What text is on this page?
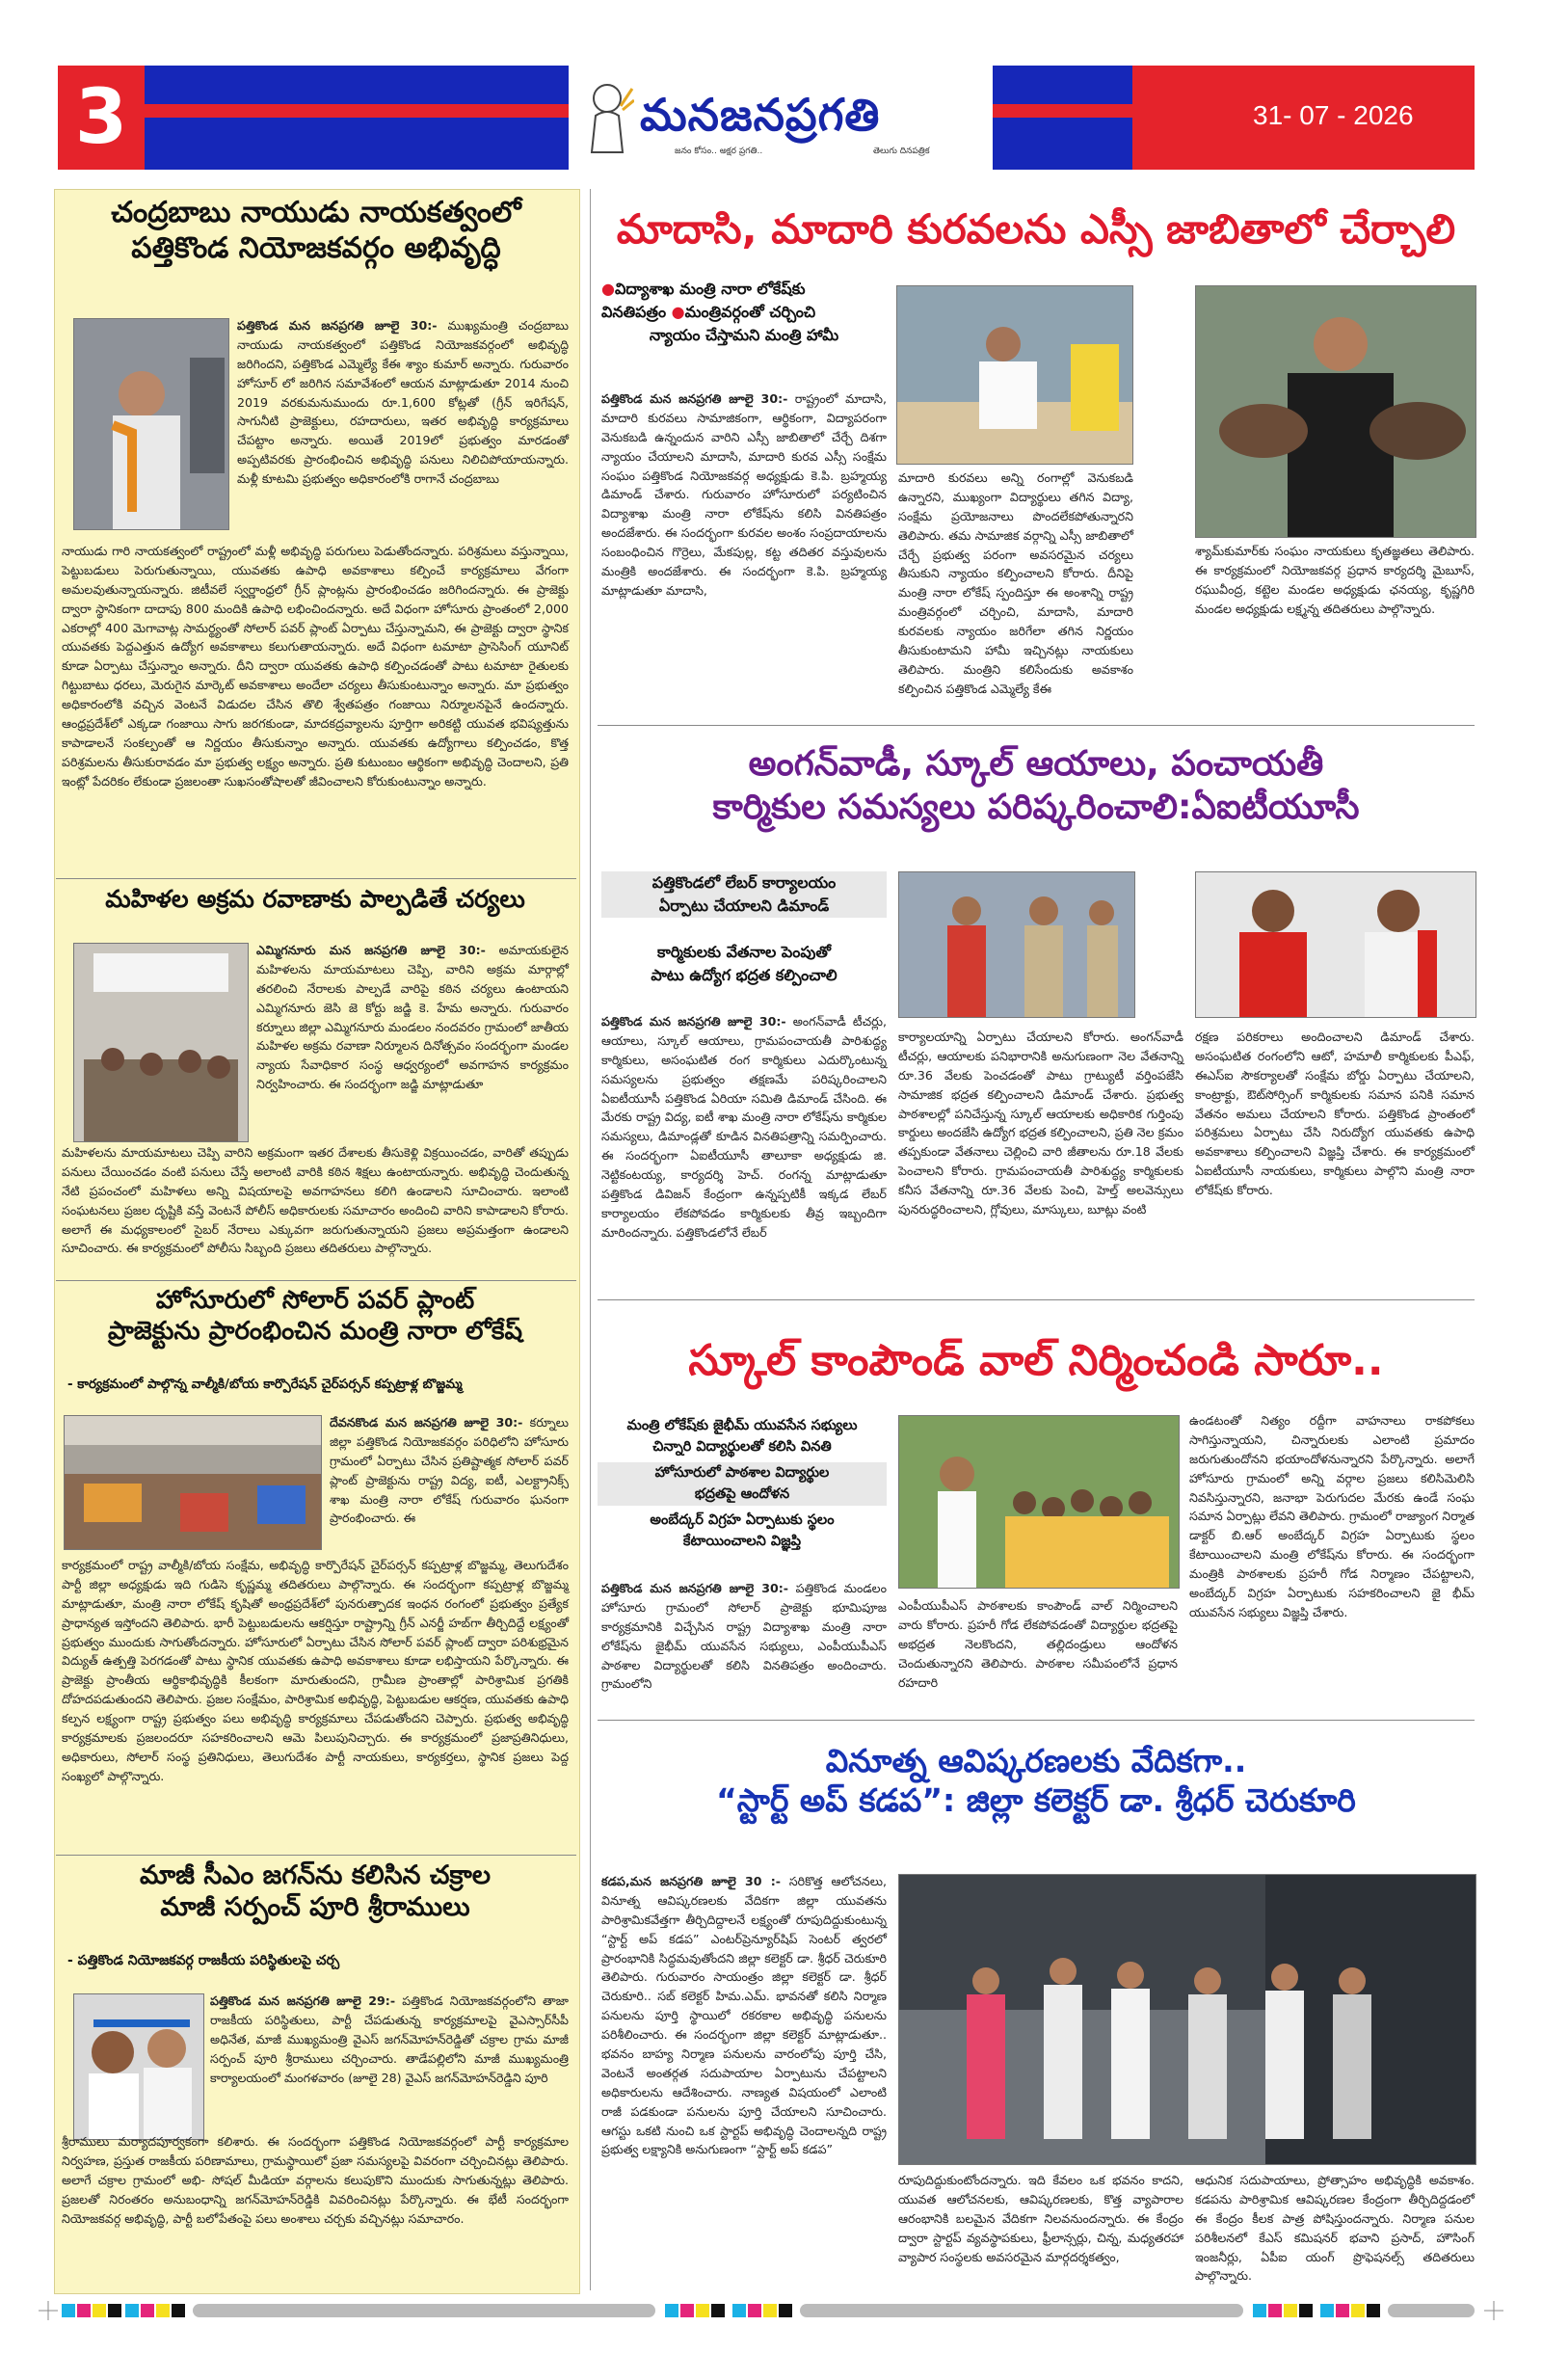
3	మనజనప్రగతి
జనం కోసం.. అక్షర ప్రగతి..	తెలుగు దినపత్రిక
31- 07 - 2026
చంద్రబాబు నాయుడు నాయకత్వంలో
పత్తికొండ నియోజకవర్గం అభివృద్ధి
పత్తికొండ మన జనప్రగతి జూలై 30:- ముఖ్యమంత్రి చంద్రబాబు నాయుడు నాయకత్వంలో పత్తికొండ నియోజకవర్గంలో అభివృద్ధి జరిగిందని, పత్తికొండ ఎమ్మెల్యే కేఈ శ్యాం కుమార్ అన్నారు. గురువారం హోసూర్ లో జరిగిన సమావేశంలో ఆయన మాట్లాడుతూ 2014 నుంచి 2019 వరకుమనుముందు రూ.1,600 కోట్లతో (గ్రీన్ ఇరిగేషన్, సాగునీటి ప్రాజెక్టులు, రహదారులు, ఇతర అభివృద్ధి కార్యక్రమాలు చేపట్టాం అన్నారు. అయితే 2019లో ప్రభుత్వం మారడంతో అప్పటివరకు ప్రారంభించిన అభివృద్ధి పనులు నిలిచిపోయాయన్నారు. మళ్లీ కూటమి ప్రభుత్వం అధికారంలోకి రాగానే చంద్రబాబు
నాయుడు గారి నాయకత్వంలో రాష్ట్రంలో మళ్లీ అభివృద్ధి పరుగులు పెడుతోందన్నారు. పరిశ్రమలు వస్తున్నాయి, పెట్టుబడులు పెరుగుతున్నాయి, యువతకు ఉపాధి అవకాశాలు కల్పించే కార్యక్రమాలు వేగంగా అమలవుతున్నాయన్నారు. జిటీవలే స్వర్ణాంధ్రలో గ్రీన్ ప్లాంట్లను ప్రారంభించడం జరిగిందన్నారు. ఈ ప్రాజెక్టు ద్వారా స్థానికంగా దాదాపు 800 మందికి ఉపాధి లభించిందన్నారు. అదే విధంగా హోసూరు ప్రాంతంలో 2,000 ఎకరాల్లో 400 మెగావాట్ల సామర్థ్యంతో సోలార్ పవర్ ప్లాంట్ ఏర్పాటు చేస్తున్నామని, ఈ ప్రాజెక్టు ద్వారా స్థానిక యువతకు పెద్దఎత్తున ఉద్యోగ అవకాశాలు కలుగుతాయన్నారు. అదే విధంగా టమాటా ప్రాసెసింగ్ యూనిట్ కూడా ఏర్పాటు చేస్తున్నాం అన్నారు. దీని ద్వారా యువతకు ఉపాధి కల్పించడంతో పాటు టమాటా రైతులకు గిట్టుబాటు ధరలు, మెరుగైన మార్కెట్ అవకాశాలు అందేలా చర్యలు తీసుకుంటున్నాం అన్నారు. మా ప్రభుత్వం అధికారంలోకి వచ్చిన వెంటనే విడుదల చేసిన తొలి శ్వేతపత్రం గంజాయి నిర్మూలనపైనే ఉందన్నారు. ఆంధ్రప్రదేశ్‌లో ఎక్కడా గంజాయి సాగు జరగకుండా, మాదకద్రవ్యాలను పూర్తిగా అరికట్టి యువత భవిష్యత్తును కాపాడాలనే సంకల్పంతో ఆ నిర్ణయం తీసుకున్నాం అన్నారు. యువతకు ఉద్యోగాలు కల్పించడం, కొత్త పరిశ్రమలను తీసుకురావడం మా ప్రభుత్వ లక్ష్యం అన్నారు. ప్రతి కుటుంబం ఆర్థికంగా అభివృద్ధి చెందాలని, ప్రతి ఇంట్లో పేదరికం లేకుండా ప్రజలంతా సుఖసంతోషాలతో జీవించాలని కోరుకుంటున్నాం అన్నారు.
మహిళల అక్రమ రవాణాకు పాల్పడితే చర్యలు
ఎమ్మిగనూరు మన జనప్రగతి జూలై 30:- అమాయకులైన మహిళలను మాయమాటలు చెప్పి, వారిని అక్రమ మార్గాల్లో తరలించి నేరాలకు పాల్పడే వారిపై కఠిన చర్యలు ఉంటాయని ఎమ్మిగనూరు జెసి జె కోర్టు జడ్జి కె. హేమ అన్నారు. గురువారం కర్నూలు జిల్లా ఎమ్మిగనూరు మండలం నందవరం గ్రామంలో జాతీయ మహిళల అక్రమ రవాణా నిర్మూలన దినోత్సవం సందర్భంగా మండల న్యాయ సేవాధికార సంస్థ ఆధ్వర్యంలో అవగాహన కార్యక్రమం నిర్వహించారు. ఈ సందర్భంగా జడ్జి మాట్లాడుతూ
మహిళలను మాయమాటలు చెప్పి వారిని అక్రమంగా ఇతర దేశాలకు తీసుకెళ్లి విక్రయించడం, వారితో తప్పుడు పనులు చేయించడం వంటి పనులు చేస్తే అలాంటి వారికి కఠిన శిక్షలు ఉంటాయన్నారు. అభివృద్ధి చెందుతున్న నేటి ప్రపంచంలో మహిళలు అన్ని విషయాలపై అవగాహనలు కలిగి ఉండాలని సూచించారు. ఇలాంటి సంఘటనలు ప్రజల దృష్టికి వస్తే వెంటనే పోలీస్ అధికారులకు సమాచారం అందించి వారిని కాపాడాలని కోరారు. అలాగే ఈ మధ్యకాలంలో సైబర్ నేరాలు ఎక్కువగా జరుగుతున్నాయని ప్రజలు అప్రమత్తంగా ఉండాలని సూచించారు. ఈ కార్యక్రమంలో పోలీసు సిబ్బంది ప్రజలు తదితరులు పాల్గొన్నారు.
హోసూరులో సోలార్ పవర్ ప్లాంట్
ప్రాజెక్టును ప్రారంభించిన మంత్రి నారా లోకేష్
- కార్యక్రమంలో పాల్గొన్న వాల్మీకి/బోయ కార్పొరేషన్ చైర్‌పర్సన్ కప్పట్రాళ్ల బొజ్జమ్మ
దేవనకొండ మన జనప్రగతి జూలై 30:- కర్నూలు జిల్లా పత్తికొండ నియోజకవర్గం పరిధిలోని హోసూరు గ్రామంలో ఏర్పాటు చేసిన ప్రతిష్టాత్మక సోలార్ పవర్ ప్లాంట్ ప్రాజెక్టును రాష్ట్ర విద్య, ఐటీ, ఎలక్ట్రానిక్స్ శాఖ మంత్రి నారా లోకేష్ గురువారం ఘనంగా ప్రారంభించారు. ఈ
కార్యక్రమంలో రాష్ట్ర వాల్మీకి/బోయ సంక్షేమ, అభివృద్ధి కార్పొరేషన్ చైర్‌పర్సన్ కప్పట్రాళ్ల బొజ్జమ్మ, తెలుగుదేశం పార్టీ జిల్లా అధ్యక్షుడు ఇది గుడిసె కృష్ణమ్మ తదితరులు పాల్గొన్నారు. ఈ సందర్భంగా కప్పట్రాళ్ల బొజ్జమ్మ మాట్లాడుతూ, మంత్రి నారా లోకేష్ కృషితో అంధ్రప్రదేశ్‌లో పునరుత్పాదక ఇంధన రంగంలో ప్రభుత్వం ప్రత్యేక ప్రాధాన్యత ఇస్తోందని తెలిపారు. భారీ పెట్టుబడులను ఆకర్షిస్తూ రాష్ట్రాన్ని గ్రీన్ ఎనర్జీ హబ్‌గా తీర్చిదిద్దే లక్ష్యంతో ప్రభుత్వం ముందుకు సాగుతోందన్నారు. హోసూరులో ఏర్పాటు చేసిన సోలార్ పవర్ ప్లాంట్ ద్వారా పరిశుభ్రమైన విద్యుత్ ఉత్పత్తి పెరగడంతో పాటు స్థానిక యువతకు ఉపాధి అవకాశాలు కూడా లభిస్తాయని పేర్కొన్నారు. ఈ ప్రాజెక్టు ప్రాంతీయ ఆర్థికాభివృద్ధికి కీలకంగా మారుతుందని, గ్రామీణ ప్రాంతాల్లో పారిశ్రామిక ప్రగతికి దోహదపడుతుందని తెలిపారు. ప్రజల సంక్షేమం, పారిశ్రామిక అభివృద్ధి, పెట్టుబడుల ఆకర్షణ, యువతకు ఉపాధి కల్పన లక్ష్యంగా రాష్ట్ర ప్రభుత్వం పలు అభివృద్ధి కార్యక్రమాలు చేపడుతోందని చెప్పారు. ప్రభుత్వ అభివృద్ధి కార్యక్రమాలకు ప్రజలందరూ సహకరించాలని ఆమె పిలుపునిచ్చారు. ఈ కార్యక్రమంలో ప్రజాప్రతినిధులు, అధికారులు, సోలార్ సంస్థ ప్రతినిధులు, తెలుగుదేశం పార్టీ నాయకులు, కార్యకర్తలు, స్థానిక ప్రజలు పెద్ద సంఖ్యలో పాల్గొన్నారు.
మాజీ సీఎం జగన్‌ను కలిసిన చక్రాల
మాజీ సర్పంచ్ పూరి శ్రీరాములు
- పత్తికొండ నియోజకవర్గ రాజకీయ పరిస్థితులపై చర్చ
పత్తికొండ మన జనప్రగతి జూలై 29:- పత్తికొండ నియోజకవర్గంలోని తాజా రాజకీయ పరిస్థితులు, పార్టీ చేపడుతున్న కార్యక్రమాలపై వైఎస్సార్‌సీపీ అధినేత, మాజీ ముఖ్యమంత్రి వైఎస్ జగన్‌మోహన్‌రెడ్డితో చక్రాల గ్రామ మాజీ సర్పంచ్ పూరి శ్రీరాములు చర్చించారు. తాడేపల్లిలోని మాజీ ముఖ్యమంత్రి కార్యాలయంలో మంగళవారం (జూలై 28) వైఎస్ జగన్‌మోహన్‌రెడ్డిని పూరి
శ్రీరాములు మర్యాదపూర్వకంగా కలిశారు. ఈ సందర్భంగా పత్తికొండ నియోజకవర్గంలో పార్టీ కార్యక్రమాల నిర్వహణ, ప్రస్తుత రాజకీయ పరిణామాలు, గ్రామస్థాయిలో ప్రజా సమస్యలపై వివరంగా చర్చించినట్లు తెలిపారు. అలాగే చక్రాల గ్రామంలో అభి- సోషల్ మీడియా వర్గాలను కలుపుకొని ముందుకు సాగుతున్నట్లు తెలిపారు. ప్రజలతో నిరంతరం అనుబంధాన్ని జగన్‌మోహన్‌రెడ్డికి వివరించినట్లు పేర్కొన్నారు. ఈ భేటీ సందర్భంగా నియోజకవర్గ అభివృద్ధి, పార్టీ బలోపేతంపై పలు అంశాలు చర్చకు వచ్చినట్లు సమాచారం.
మాదాసి, మాదారి కురవలను ఎస్సీ జాబితాలో చేర్చాలి
●విద్యాశాఖ మంత్రి నారా లోకేష్‌కు
వినతిపత్రం ●మంత్రివర్గంతో చర్చించి
న్యాయం చేస్తామని మంత్రి హామీ
పత్తికొండ మన జనప్రగతి జూలై 30:- రాష్ట్రంలో మాదాసి, మాదారి కురవలు సామాజికంగా, ఆర్థికంగా, విద్యాపరంగా వెనుకబడి ఉన్నందున వారిని ఎస్సీ జాబితాలో చేర్చే దిశగా న్యాయం చేయాలని మాదాసి, మాదారి కురవ ఎస్సీ సంక్షేమ సంఘం పత్తికొండ నియోజకవర్గ అధ్యక్షుడు కె.పి. బ్రహ్మయ్య డిమాండ్ చేశారు. గురువారం హోసూరులో పర్యటించిన విద్యాశాఖ మంత్రి నారా లోకేష్‌ను కలిసి వినతిపత్రం అందజేశారు. ఈ సందర్భంగా కురవల అంశం సంప్రదాయాలను సంబంధించిన గొర్రెలు, మేకపుల్ల, కట్ట తదితర వస్తువులను మంత్రికి అందజేశారు. ఈ సందర్భంగా కె.పి. బ్రహ్మయ్య మాట్లాడుతూ మాదాసి,
మాదారి కురవలు అన్ని రంగాల్లో వెనుకబడి ఉన్నారని, ముఖ్యంగా విద్యార్థులు తగిన విద్యా, సంక్షేమ ప్రయోజనాలు పొందలేకపోతున్నారని తెలిపారు. తమ సామాజిక వర్గాన్ని ఎస్సీ జాబితాలో చేర్చే ప్రభుత్వ పరంగా అవసరమైన చర్యలు తీసుకుని న్యాయం కల్పించాలని కోరారు. దీనిపై మంత్రి నారా లోకేష్ స్పందిస్తూ ఈ అంశాన్ని రాష్ట్ర మంత్రివర్గంలో చర్చించి, మాదాసి, మాదారి కురవలకు న్యాయం జరిగేలా తగిన నిర్ణయం తీసుకుంటామని హామీ ఇచ్చినట్లు నాయకులు తెలిపారు. మంత్రిని కలిసేందుకు అవకాశం కల్పించిన పత్తికొండ ఎమ్మెల్యే కేఈ
శ్యామ్‌కుమార్‌కు సంఘం నాయకులు కృతజ్ఞతలు తెలిపారు. ఈ కార్యక్రమంలో నియోజకవర్గ ప్రధాన కార్యదర్శి మైబూస్, రఘువీంద్ర, కట్టెల మండల అధ్యక్షుడు ఛనయ్య, కృష్ణగిరి మండల అధ్యక్షుడు లక్ష్మన్న తదితరులు పాల్గొన్నారు.
అంగన్‌వాడీ, స్కూల్ ఆయాలు, పంచాయతీ
కార్మికుల సమస్యలు పరిష్కరించాలి:ఏఐటీయూసీ
పత్తికొండలో లేబర్ కార్యాలయం
ఏర్పాటు చేయాలని డిమాండ్
కార్మికులకు వేతనాల పెంపుతో
పాటు ఉద్యోగ భద్రత కల్పించాలి
పత్తికొండ మన జనప్రగతి జూలై 30:- అంగన్‌వాడీ టీచర్లు, ఆయాలు, స్కూల్ ఆయాలు, గ్రామపంచాయతీ పారిశుద్ధ్య కార్మికులు, అసంఘటిత రంగ కార్మికులు ఎదుర్కొంటున్న సమస్యలను ప్రభుత్వం తక్షణమే పరిష్కరించాలని ఏఐటీయూసీ పత్తికొండ ఏరియా సమితి డిమాండ్ చేసింది. ఈ మేరకు రాష్ట్ర విద్య, ఐటీ శాఖ మంత్రి నారా లోకేష్‌ను కార్మికుల సమస్యలు, డిమాండ్లతో కూడిన వినతిపత్రాన్ని సమర్పించారు. ఈ సందర్భంగా ఏఐటీయూసీ తాలూకా అధ్యక్షుడు జి. నెట్టికంటయ్య, కార్యదర్శి హెచ్. రంగన్న మాట్లాడుతూ పత్తికొండ డివిజన్ కేంద్రంగా ఉన్నప్పటికీ ఇక్కడ లేబర్ కార్యాలయం లేకపోవడం కార్మికులకు తీవ్ర ఇబ్బందిగా మారిందన్నారు. పత్తికొండలోనే లేబర్
కార్యాలయాన్ని ఏర్పాటు చేయాలని కోరారు. అంగన్‌వాడీ టీచర్లు, ఆయాలకు పనిభారానికి అనుగుణంగా నెల వేతనాన్ని రూ.36 వేలకు పెంచడంతో పాటు గ్రాట్యుటీ వర్తింపజేసి సామాజిక భద్రత కల్పించాలని డిమాండ్ చేశారు. ప్రభుత్వ పాఠశాలల్లో పనిచేస్తున్న స్కూల్ ఆయాలకు అధికారిక గుర్తింపు కార్డులు అందజేసి ఉద్యోగ భద్రత కల్పించాలని, ప్రతి నెల క్రమం తప్పకుండా వేతనాలు చెల్లించి వారి జీతాలను రూ.18 వేలకు పెంచాలని కోరారు. గ్రామపంచాయతీ పారిశుద్ధ్య కార్మికులకు కనీస వేతనాన్ని రూ.36 వేలకు పెంచి, హెల్త్ అలవెన్సులు పునరుద్ధరించాలని, గ్లోవులు, మాస్కులు, బూట్లు వంటి
రక్షణ పరికరాలు అందించాలని డిమాండ్ చేశారు. అసంఘటిత రంగంలోని ఆటో, హమాలీ కార్మికులకు పీఎఫ్, ఈఎస్‌ఐ సౌకర్యాలతో సంక్షేమ బోర్డు ఏర్పాటు చేయాలని, కాంట్రాక్టు, ఔట్‌సోర్సింగ్ కార్మికులకు సమాన పనికి సమాన వేతనం అమలు చేయాలని కోరారు. పత్తికొండ ప్రాంతంలో పరిశ్రమలు ఏర్పాటు చేసి నిరుద్యోగ యువతకు ఉపాధి అవకాశాలు కల్పించాలని విజ్ఞప్తి చేశారు. ఈ కార్యక్రమంలో ఏఐటీయూసీ నాయకులు, కార్మికులు పాల్గొని మంత్రి నారా లోకేష్‌కు కోరారు.
స్కూల్ కాంపౌండ్ వాల్ నిర్మించండి సారూ..
మంత్రి లోకేష్‌కు జైభీమ్ యువసేన సభ్యులు
చిన్నారి విద్యార్థులతో కలిసి వినతి
హోసూరులో పాఠశాల విద్యార్థుల
భద్రతపై ఆందోళన
అంబేద్కర్ విగ్రహ ఏర్పాటుకు స్థలం
కేటాయించాలని విజ్ఞప్తి
పత్తికొండ మన జనప్రగతి జూలై 30:- పత్తికొండ మండలం హోసూరు గ్రామంలో సోలార్ ప్రాజెక్టు భూమిపూజ కార్యక్రమానికి విచ్చేసిన రాష్ట్ర విద్యాశాఖ మంత్రి నారా లోకేష్‌ను జైభీమ్ యువసేన సభ్యులు, ఎంపీయుపీఎస్ పాఠశాల విద్యార్థులతో కలిసి వినతిపత్రం అందించారు. గ్రామంలోని
ఎంపీయుపీఎస్ పాఠశాలకు కాంపౌండ్ వాల్ నిర్మించాలని వారు కోరారు. ప్రహరీ గోడ లేకపోవడంతో విద్యార్థుల భద్రతపై అభద్రత నెలకొందని, తల్లిదండ్రులు ఆందోళన చెందుతున్నారని తెలిపారు. పాఠశాల సమీపంలోనే ప్రధాన రహదారి
ఉండటంతో నిత్యం రద్దీగా వాహనాలు రాకపోకలు సాగిస్తున్నాయని, చిన్నారులకు ఎలాంటి ప్రమాదం జరుగుతుందోనని భయాందోళనున్నారని పేర్కొన్నారు. అలాగే హోసూరు గ్రామంలో అన్ని వర్గాల ప్రజలు కలిసిమెలిసి నివసిస్తున్నారని, జనాభా పెరుగుదల మేరకు ఉండే సంఘ సమాన ఏర్పాట్లు లేవని తెలిపారు. గ్రామంలో రాజ్యాంగ నిర్మాత డాక్టర్ బి.ఆర్ అంబేద్కర్ విగ్రహ ఏర్పాటుకు స్థలం కేటాయించాలని మంత్రి లోకేష్‌ను కోరారు. ఈ సందర్భంగా మంత్రికి పాఠశాలకు ప్రహరీ గోడ నిర్మాణం చేపట్టాలని, అంబేద్కర్ విగ్రహ ఏర్పాటుకు సహకరించాలని జై భీమ్ యువసేన సభ్యులు విజ్ఞప్తి చేశారు.
వినూత్న ఆవిష్కరణలకు వేదికగా..
“స్టార్ట్ అప్ కడప”: జిల్లా కలెక్టర్ డా. శ్రీధర్ చెరుకూరి
కడప,మన జనప్రగతి జూలై 30 :- సరికొత్త ఆలోచనలు, వినూత్న ఆవిష్కరణలకు వేదికగా జిల్లా యువతను పారిశ్రామికవేత్తగా తీర్చిదిద్దాలనే లక్ష్యంతో రూపుదిద్దుకుంటున్న “స్టార్ట్ అప్ కడప” ఎంటర్‌ప్రెన్యూర్‌షిప్ సెంటర్ త్వరలో ప్రారంభానికి సిద్ధమవుతోందని జిల్లా కలెక్టర్ డా. శ్రీధర్ చెరుకూరి తెలిపారు. గురువారం సాయంత్రం జిల్లా కలెక్టర్ డా. శ్రీధర్ చెరుకూరి.. సబ్ కలెక్టర్ హిమ.ఎమ్. భావనతో కలిసి నిర్మాణ పనులను పూర్తి స్థాయిలో రకరకాల అభివృద్ధి పనులను పరిశీలించారు. ఈ సందర్భంగా జిల్లా కలెక్టర్ మాట్లాడుతూ.. భవనం బాహ్య నిర్మాణ పనులను వారంలోపు పూర్తి చేసి, వెంటనే అంతర్గత సదుపాయాల ఏర్పాటును చేపట్టాలని అధికారులను ఆదేశించారు. నాణ్యత విషయంలో ఎలాంటి రాజీ పడకుండా పనులను పూర్తి చేయాలని సూచించారు. ఆగస్టు ఒకటి నుంచి ఒక స్టార్టప్ అభివృద్ధి చెందాలన్నది రాష్ట్ర ప్రభుత్వ లక్ష్యానికి అనుగుణంగా “స్టార్ట్ అప్ కడప”
రూపుదిద్దుకుంటోందన్నారు. ఇది కేవలం ఒక భవనం కాదని, యువత ఆలోచనలకు, ఆవిష్కరణలకు, కొత్త వ్యాపారాల ఆరంభానికి బలమైన వేదికగా నిలవనుందన్నారు. ఈ కేంద్రం ద్వారా స్టార్టప్ వ్యవస్థాపకులు, ఫ్రీలాన్సర్లు, చిన్న, మధ్యతరహా వ్యాపార సంస్థలకు అవసరమైన మార్గదర్శకత్వం,
ఆధునిక సదుపాయాలు, ప్రోత్సాహం అభివృద్ధికి అవకాశం. కడపను పారిశ్రామిక ఆవిష్కరణల కేంద్రంగా తీర్చిదిద్దడంలో ఈ కేంద్రం కీలక పాత్ర పోషిస్తుందన్నారు. నిర్మాణ పనుల పరిశీలనలో కేఎస్ కమిషనర్ భవాని ప్రసాద్, హౌసింగ్ ఇంజనీర్లు, ఏపీఐ యంగ్ ప్రొఫెషనల్స్ తదితరులు పాల్గొన్నారు.
